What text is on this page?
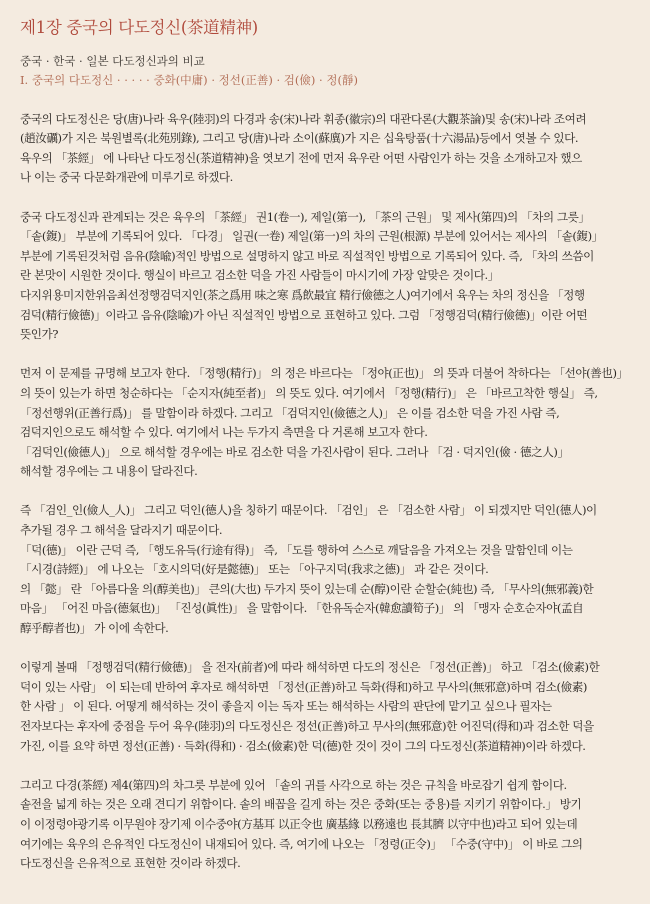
제1장 중국의 다도정신(茶道精神)
중국 · 한국 · 일본 다도정신과의 비교
Ⅰ. 중국의 다도정신 · · · · · 중화(中庸) · 정선(正善) · 검(儉) · 정(靜)

중국의 다도정신은 당(唐)나라 육우(陸羽)의 다경과 송(宋)나라 휘종(徽宗)의 대관다론(大觀茶論)및 송(宋)나라 조여려
(趙汝礪)가 지은 북원별록(北苑別錄), 그리고 당(唐)나라 소이(蘇廙)가 지은 십육탕품(十六湯品)등에서 엿볼 수 있다.
육우의 「茶經」 에 나타난 다도정신(茶道精神)을 엿보기 전에 먼저 육우란 어떤 사람인가 하는 것을 소개하고자 했으
나 이는 중국 다문화개관에 미루기로 하겠다.

중국 다도정신과 관계되는 것은 육우의 「茶經」 권1(卷一), 제일(第一), 「茶의 근원」 및 제사(第四)의 「차의 그릇」
「솥(鍑)」 부분에 기록되어 있다. 「다경」 일권(一卷) 제일(第一)의 차의 근원(根源) 부분에 있어서는 제사의 「솥(鍑)」
부분에 기록된것처럼 음유(陰喩)적인 방법으로 설명하지 않고 바로 직설적인 방법으로 기록되어 있다. 즉, 「차의 쓰씀이
란 본맛이 시원한 것이다. 행실이 바르고 검소한 덕을 가진 사람들이 마시기에 가장 알맞은 것이다.」
다지위용미지한위음최선정행검덕지인(茶之爲用 味之寒 爲飲最宜 精行儉德之人)여기에서 육우는 차의 정신을 「정행
검덕(精行儉德)」이라고 음유(陰喩)가 아닌 직설적인 방법으로 표현하고 있다. 그럼 「정행검덕(精行儉德)」이란 어떤
뜻인가?

먼저 이 문제를 규명해 보고자 한다. 「정행(精行)」 의 정은 바르다는 「정야(正也)」 의 뜻과 더불어 착하다는 「선야(善也)」
의 뜻이 있는가 하면 청순하다는 「순지자(純至者)」 의 뜻도 있다. 여기에서 「정행(精行)」 은 「바르고착한 행실」 즉,
「정선행위(正善行爲)」 를 말함이라 하겠다. 그리고 「검덕지인(儉德之人)」 은 이를 검소한 덕을 가진 사람 즉,
검덕지인으로도 해석할 수 있다. 여기에서 나는 두가지 측면을 다 거론해 보고자 한다.
「검덕인(儉德人)」 으로 해석할 경우에는 바로 검소한 덕을 가진사람이 된다. 그러나 「검 · 덕지인(儉 · 德之人)」
해석할 경우에는 그 내용이 달라진다.

즉 「검인_인(儉人_人)」 그리고 덕인(德人)을 칭하기 때문이다. 「검인」 은 「검소한 사람」 이 되겠지만 덕인(德人)이
추가될 경우 그 해석을 달라지기 때문이다.
「덕(德)」 이란 근덕 즉, 「행도유득(行途有得)」 즉, 「도를 행하여 스스로 깨달음을 가져오는 것을 말함인데 이는
「시경(詩經)」 에 나오는 「호시의덕(好是懿德)」 또는 「아구지덕(我求之德)」 과 같은 것이다.
의 「懿」 란 「아름다울 의(醇美也)」 큰의(大也) 두가지 뜻이 있는데 순(醇)이란 순할순(純也) 즉, 「무사의(無邪義)한
마음」 「어진 마음(德氣也)」 「진성(眞性)」 을 말함이다. 「한유독순자(韓愈讀筍子)」 의 「맹자 순호순자야(孟自
醇乎醇者也)」 가 이에 속한다.

이렇게 볼때 「정행검덕(精行儉德)」 을 전자(前者)에 따라 해석하면 다도의 정신은 「정선(正善)」 하고 「검소(儉素)한
덕이 있는 사람」 이 되는데 반하여 후자로 해석하면 「정선(正善)하고 득화(得和)하고 무사의(無邪意)하며 검소(儉素)
한 사람 」 이 된다. 어떻게 해석하는 것이 좋을지 이는 독자 또는 해석하는 사람의 판단에 맡기고 싶으나 필자는
전자보다는 후자에 중점을 두어 육우(陸羽)의 다도정신은 정선(正善)하고 무사의(無邪意)한 어진덕(得和)과 검소한 덕을
가진, 이를 요약 하면 정선(正善) · 득화(得和) · 검소(儉素)한 덕(德)한 것이 것이 그의 다도정신(茶道精神)이라 하겠다.

그리고 다경(茶經) 제4(第四)의 차그릇 부분에 있어 「솥의 귀를 사각으로 하는 것은 규칙을 바로잡기 쉽게 함이다.
솥전을 넓게 하는 것은 오래 견디기 위함이다. 솥의 배꼽을 길게 하는 것은 중화(또는 중용)를 지키기 위함이다.」 방기
이 이정령야광기록 이무원야 장기제 이수중야(方基耳 以正令也 廣基緣 以務遠也 長其臍 以守中也)라고 되어 있는데
여기에는 육우의 은유적인 다도정신이 내재되어 있다. 즉, 여기에 나오는 「정령(正令)」 「수중(守中)」 이 바로 그의
다도정신을 은유적으로 표현한 것이라 하겠다.
